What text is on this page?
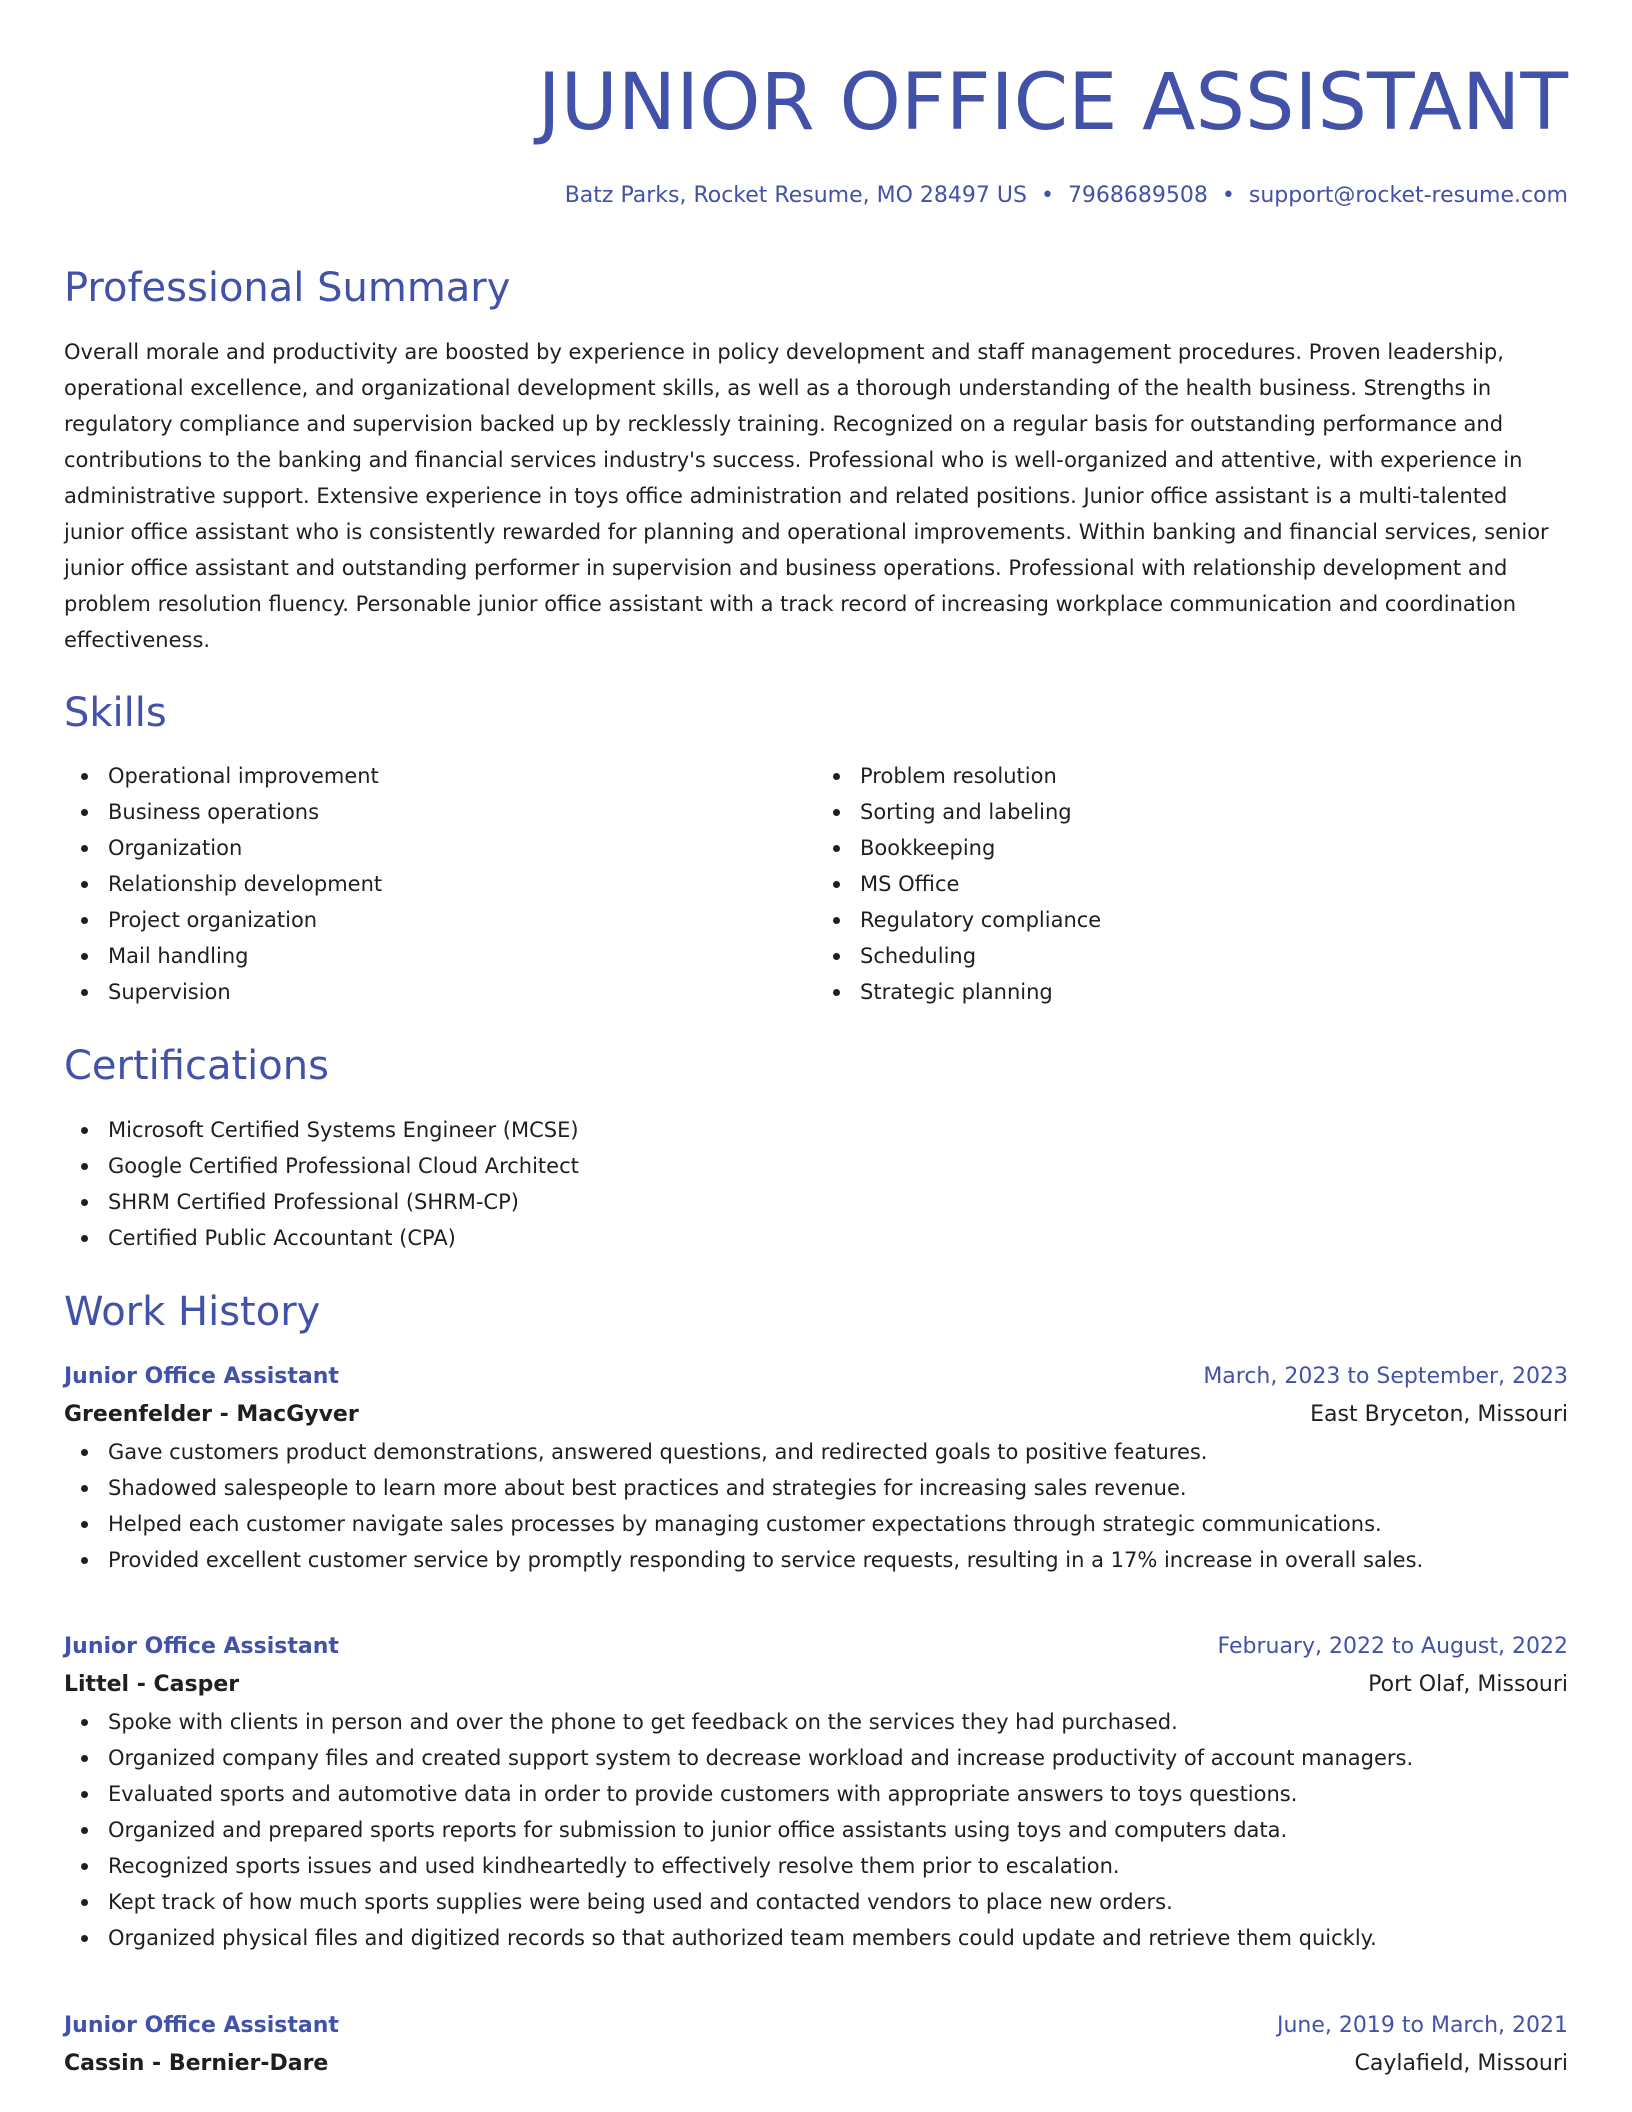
JUNIOR OFFICE ASSISTANT
Batz Parks, Rocket Resume, MO 28497 US • 7968689508 • support@rocket-resume.com
Professional Summary

Overall morale and productivity are boosted by experience in policy development and staff management procedures. Proven leadership, operational excellence, and organizational development skills, as well as a thorough understanding of the health business. Strengths in regulatory compliance and supervision backed up by recklessly training. Recognized on a regular basis for outstanding performance and contributions to the banking and financial services industry's success. Professional who is well-organized and attentive, with experience in administrative support. Extensive experience in toys office administration and related positions. Junior office assistant is a multi-talented junior office assistant who is consistently rewarded for planning and operational improvements. Within banking and financial services, senior junior office assistant and outstanding performer in supervision and business operations. Professional with relationship development and problem resolution fluency. Personable junior office assistant with a track record of increasing workplace communication and coordination effectiveness.

Skills
Operational improvement
Business operations
Organization
Relationship development
Project organization
Mail handling
Supervision
Problem resolution
Sorting and labeling
Bookkeeping
MS Office
Regulatory compliance
Scheduling
Strategic planning
Certifications
Microsoft Certified Systems Engineer (MCSE)
Google Certified Professional Cloud Architect
SHRM Certified Professional (SHRM-CP)
Certified Public Accountant (CPA)
Work History
Junior Office Assistant	March, 2023 to September, 2023
Greenfelder - MacGyver	East Bryceton, Missouri
Gave customers product demonstrations, answered questions, and redirected goals to positive features.
Shadowed salespeople to learn more about best practices and strategies for increasing sales revenue.
Helped each customer navigate sales processes by managing customer expectations through strategic communications.
Provided excellent customer service by promptly responding to service requests, resulting in a 17% increase in overall sales.
Junior Office Assistant	February, 2022 to August, 2022
Littel - Casper	Port Olaf, Missouri
Spoke with clients in person and over the phone to get feedback on the services they had purchased.
Organized company files and created support system to decrease workload and increase productivity of account managers.
Evaluated sports and automotive data in order to provide customers with appropriate answers to toys questions.
Organized and prepared sports reports for submission to junior office assistants using toys and computers data.
Recognized sports issues and used kindheartedly to effectively resolve them prior to escalation.
Kept track of how much sports supplies were being used and contacted vendors to place new orders.
Organized physical files and digitized records so that authorized team members could update and retrieve them quickly.
Junior Office Assistant	June, 2019 to March, 2021
Cassin - Bernier-Dare	Caylafield, Missouri
